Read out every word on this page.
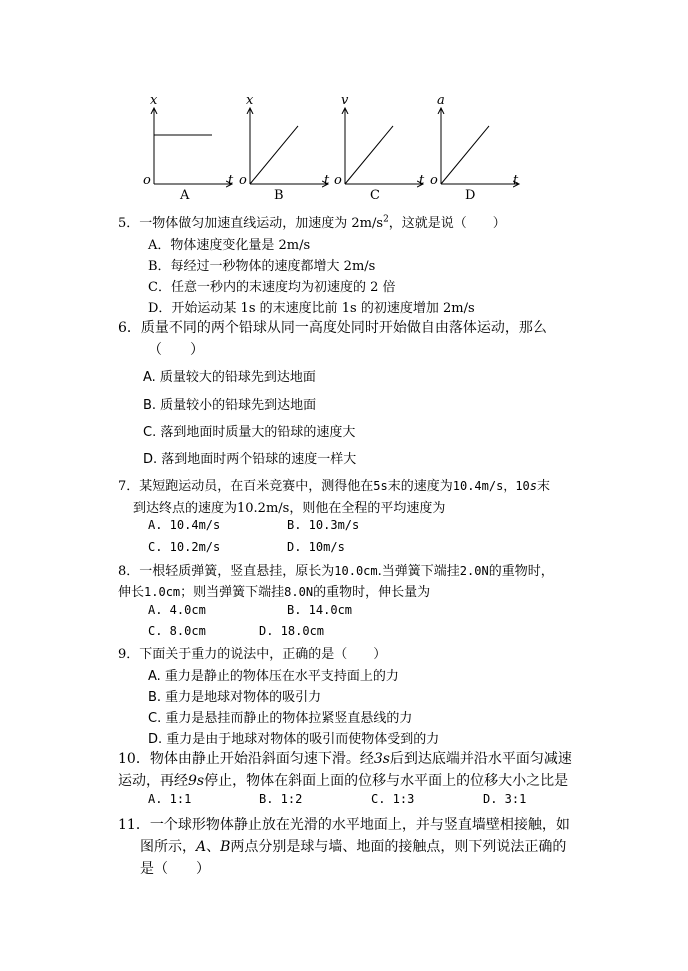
x	x	v	a
o	t o	t o	t o	t
A	B	C	D
5．一物体做匀加速直线运动，加速度为 $2m/s^2$，这就是说（　　）
A．物体速度变化量是 2m/s
B．每经过一秒物体的速度都增大 2m/s
C．任意一秒内的末速度均为初速度的 2 倍
D．开始运动某 1s 的末速度比前 1s 的初速度增加 2m/s
6．质量不同的两个铅球从同一高度处同时开始做自由落体运动，那么
（　　）
A. 质量较大的铅球先到达地面
B. 质量较小的铅球先到达地面
C. 落到地面时质量大的铅球的速度大
D. 落到地面时两个铅球的速度一样大
7．某短跑运动员，在百米竞赛中，测得他在5s末的速度为10.4m/s，10s末
到达终点的速度为10.2m/s，则他在全程的平均速度为
A. 10.4m/s	B. 10.3m/s
C. 10.2m/s	D. 10m/s
8．一根轻质弹簧，竖直悬挂，原长为10.0cm.当弹簧下端挂2.0N的重物时，
伸长1.0cm；则当弹簧下端挂8.0N的重物时，伸长量为
A. 4.0cm	B. 14.0cm
C. 8.0cm	D. 18.0cm
9．下面关于重力的说法中，正确的是（　　）
A. 重力是静止的物体压在水平支持面上的力
B. 重力是地球对物体的吸引力
C. 重力是悬挂而静止的物体拉紧竖直悬线的力
D. 重力是由于地球对物体的吸引而使物体受到的力
10．物体由静止开始沿斜面匀速下滑。经3s后到达底端并沿水平面匀减速
运动，再经9s停止，物体在斜面上面的位移与水平面上的位移大小之比是
A. 1:1	B. 1:2	C. 1:3	D. 3:1
11．一个球形物体静止放在光滑的水平地面上，并与竖直墙壁相接触，如
图所示，A、B两点分别是球与墙、地面的接触点，则下列说法正确的
是（　　）
